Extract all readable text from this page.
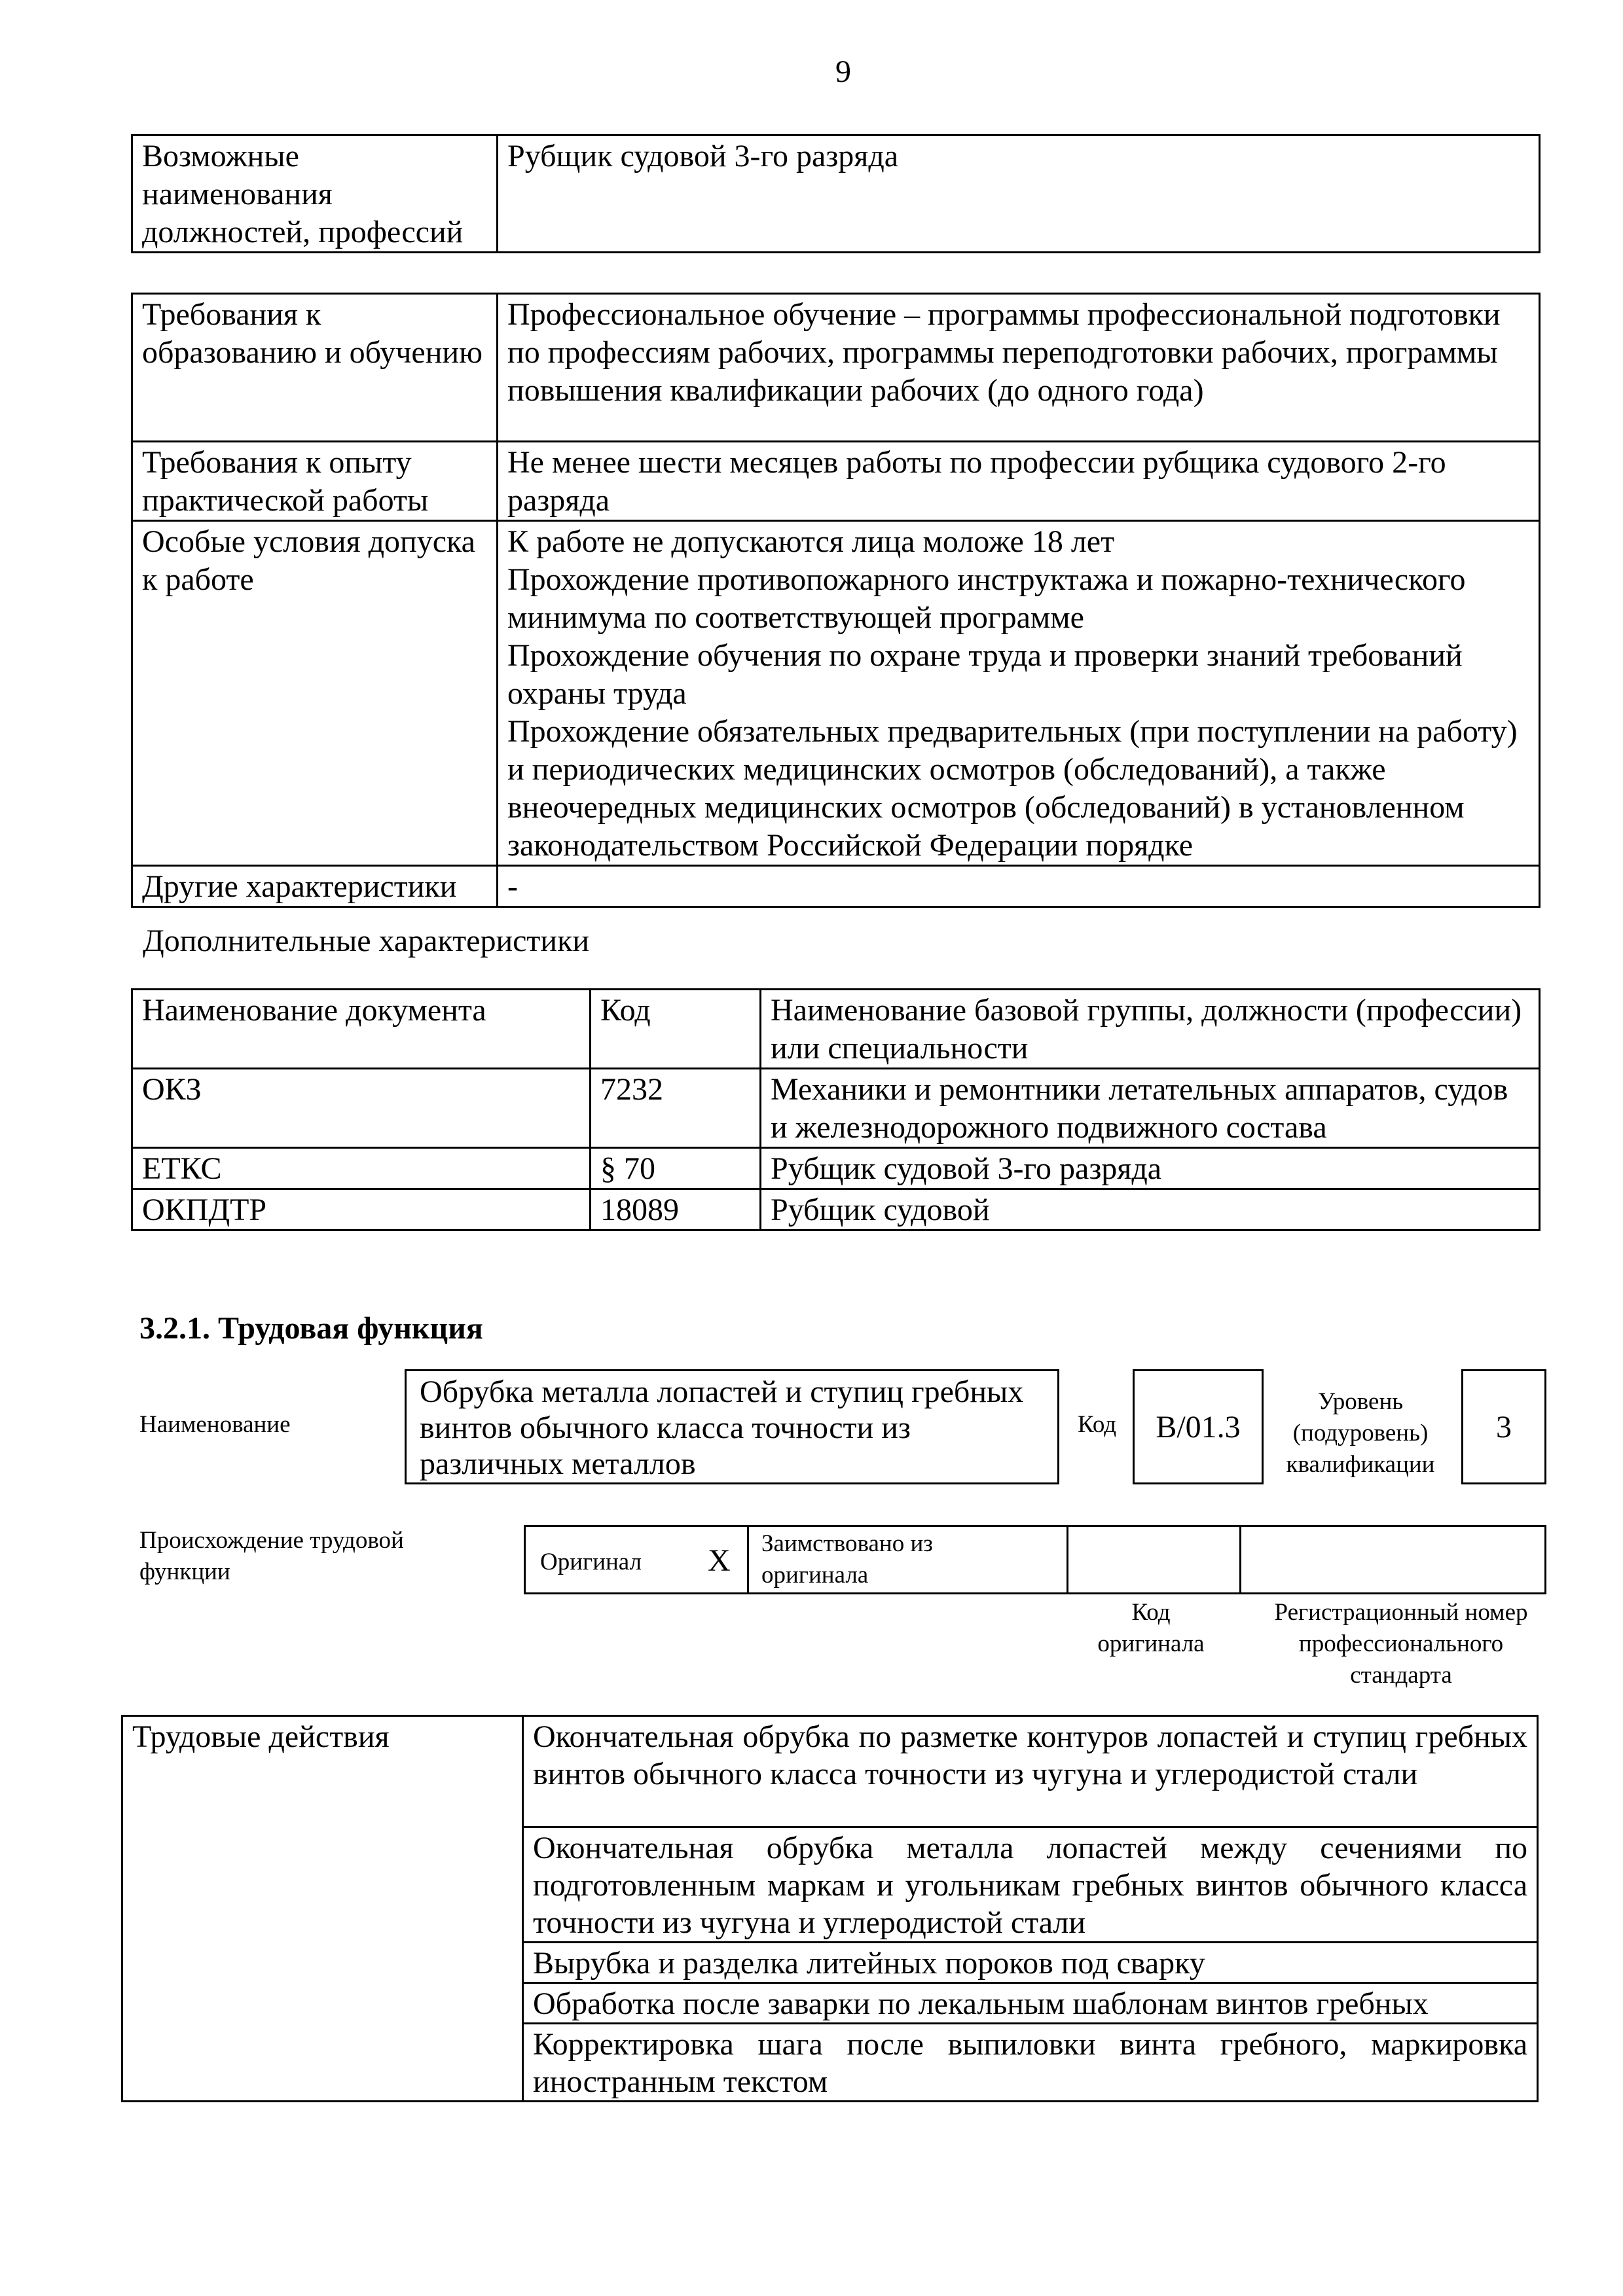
9
Возможные наименования должностей, профессий	Рубщик судовой 3-го разряда
Требования к образованию и обучению	Профессиональное обучение – программы профессиональной подготовки по профессиям рабочих, программы переподготовки рабочих, программы повышения квалификации рабочих (до одного года)

Требования к опыту практической работы	Не менее шести месяцев работы по профессии рубщика судового 2-го разряда

Особые условия допуска к работе	К работе не допускаются лица моложе 18 лет
Прохождение противопожарного инструктажа и пожарно-технического минимума по соответствующей программе
Прохождение обучения по охране труда и проверки знаний требований охраны труда
Прохождение обязательных предварительных (при поступлении на работу) и периодических медицинских осмотров (обследований), а также внеочередных медицинских осмотров (обследований) в установленном законодательством Российской Федерации порядке

Другие характеристики	-
Дополнительные характеристики
Наименование документа	Код	Наименование базовой группы, должности (профессии) или специальности
ОКЗ	7232	Механики и ремонтники летательных аппаратов, судов и железнодорожного подвижного состава
ЕТКС	§ 70	Рубщик судовой 3-го разряда
ОКПДТР	18089	Рубщик судовой
3.2.1. Трудовая функция
Наименование
Обрубка металла лопастей и ступиц гребных винтов обычного класса точности из различных металлов
Код B/01.3
Уровень (подуровень) квалификации
3
Происхождение трудовой функции	Оригинал X Заимствовано из оригинала
Код оригинала
Регистрационный номер профессионального стандарта
Трудовые действия	Окончательная обрубка по разметке контуров лопастей и ступиц гребных винтов обычного класса точности из чугуна и углеродистой стали
Окончательная обрубка металла лопастей между сечениями по подготовленным маркам и угольникам гребных винтов обычного класса точности из чугуна и углеродистой стали
Вырубка и разделка литейных пороков под сварку
Обработка после заварки по лекальным шаблонам винтов гребных
Корректировка шага после выпиловки винта гребного, маркировка иностранным текстом
